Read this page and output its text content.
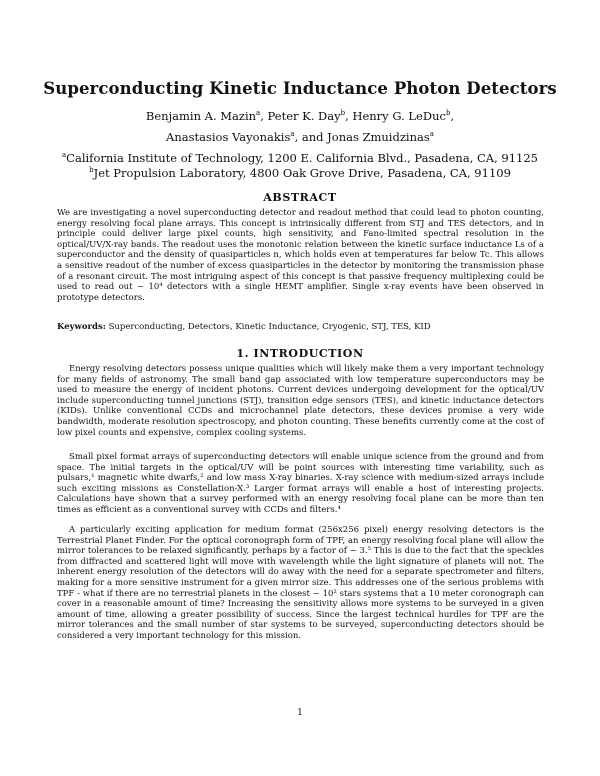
Superconducting Kinetic Inductance Photon Detectors
Benjamin A. Mazin$^a$, Peter K. Day$^b$, Henry G. LeDuc$^b$,
Anastasios Vayonakis$^a$, and Jonas Zmuidzinas$^a$
$^a$California Institute of Technology, 1200 E. California Blvd., Pasadena, CA, 91125
$^b$Jet Propulsion Laboratory, 4800 Oak Grove Drive, Pasadena, CA, 91109
ABSTRACT

We are investigating a novel superconducting detector and readout method that could lead to photon counting, energy resolving focal plane arrays. This concept is intrinsically different from STJ and TES detectors, and in principle could deliver large pixel counts, high sensitivity, and Fano-limited spectral resolution in the optical/UV/X-ray bands. The readout uses the monotonic relation between the kinetic surface inductance Ls of a superconductor and the density of quasiparticles n, which holds even at temperatures far below Tc. This allows a sensitive readout of the number of excess quasiparticles in the detector by monitoring the transmission phase of a resonant circuit. The most intriguing aspect of this concept is that passive frequency multiplexing could be used to read out ~ 10⁴ detectors with a single HEMT amplifier. Single x-ray events have been observed in prototype detectors.

Keywords: Superconducting, Detectors, Kinetic Inductance, Cryogenic, STJ, TES, KID

1. INTRODUCTION

Energy resolving detectors possess unique qualities which will likely make them a very important technology for many fields of astronomy. The small band gap associated with low temperature superconductors may be used to measure the energy of incident photons. Current devices undergoing development for the optical/UV include superconducting tunnel junctions (STJ), transition edge sensors (TES), and kinetic inductance detectors (KIDs). Unlike conventional CCDs and microchannel plate detectors, these devices promise a very wide bandwidth, moderate resolution spectroscopy, and photon counting. These benefits currently come at the cost of low pixel counts and expensive, complex cooling systems.

Small pixel format arrays of superconducting detectors will enable unique science from the ground and from space. The initial targets in the optical/UV will be point sources with interesting time variability, such as pulsars,¹ magnetic white dwarfs,² and low mass X-ray binaries. X-ray science with medium-sized arrays include such exciting missions as Constellation-X.³ Larger format arrays will enable a host of interesting projects. Calculations have shown that a survey performed with an energy resolving focal plane can be more than ten times as efficient as a conventional survey with CCDs and filters.⁴

A particularly exciting application for medium format (256x256 pixel) energy resolving detectors is the Terrestrial Planet Finder. For the optical coronograph form of TPF, an energy resolving focal plane will allow the mirror tolerances to be relaxed significantly, perhaps by a factor of ~ 3.⁵ This is due to the fact that the speckles from diffracted and scattered light will move with wavelength while the light signature of planets will not. The inherent energy resolution of the detectors will do away with the need for a separate spectrometer and filters, making for a more sensitive instrument for a given mirror size. This addresses one of the serious problems with TPF - what if there are no terrestrial planets in the closest ~ 10² stars systems that a 10 meter coronograph can cover in a reasonable amount of time? Increasing the sensitivity allows more systems to be surveyed in a given amount of time, allowing a greater possibility of success. Since the largest technical hurdles for TPF are the mirror tolerances and the small number of star systems to be surveyed, superconducting detectors should be considered a very important technology for this mission.

1
